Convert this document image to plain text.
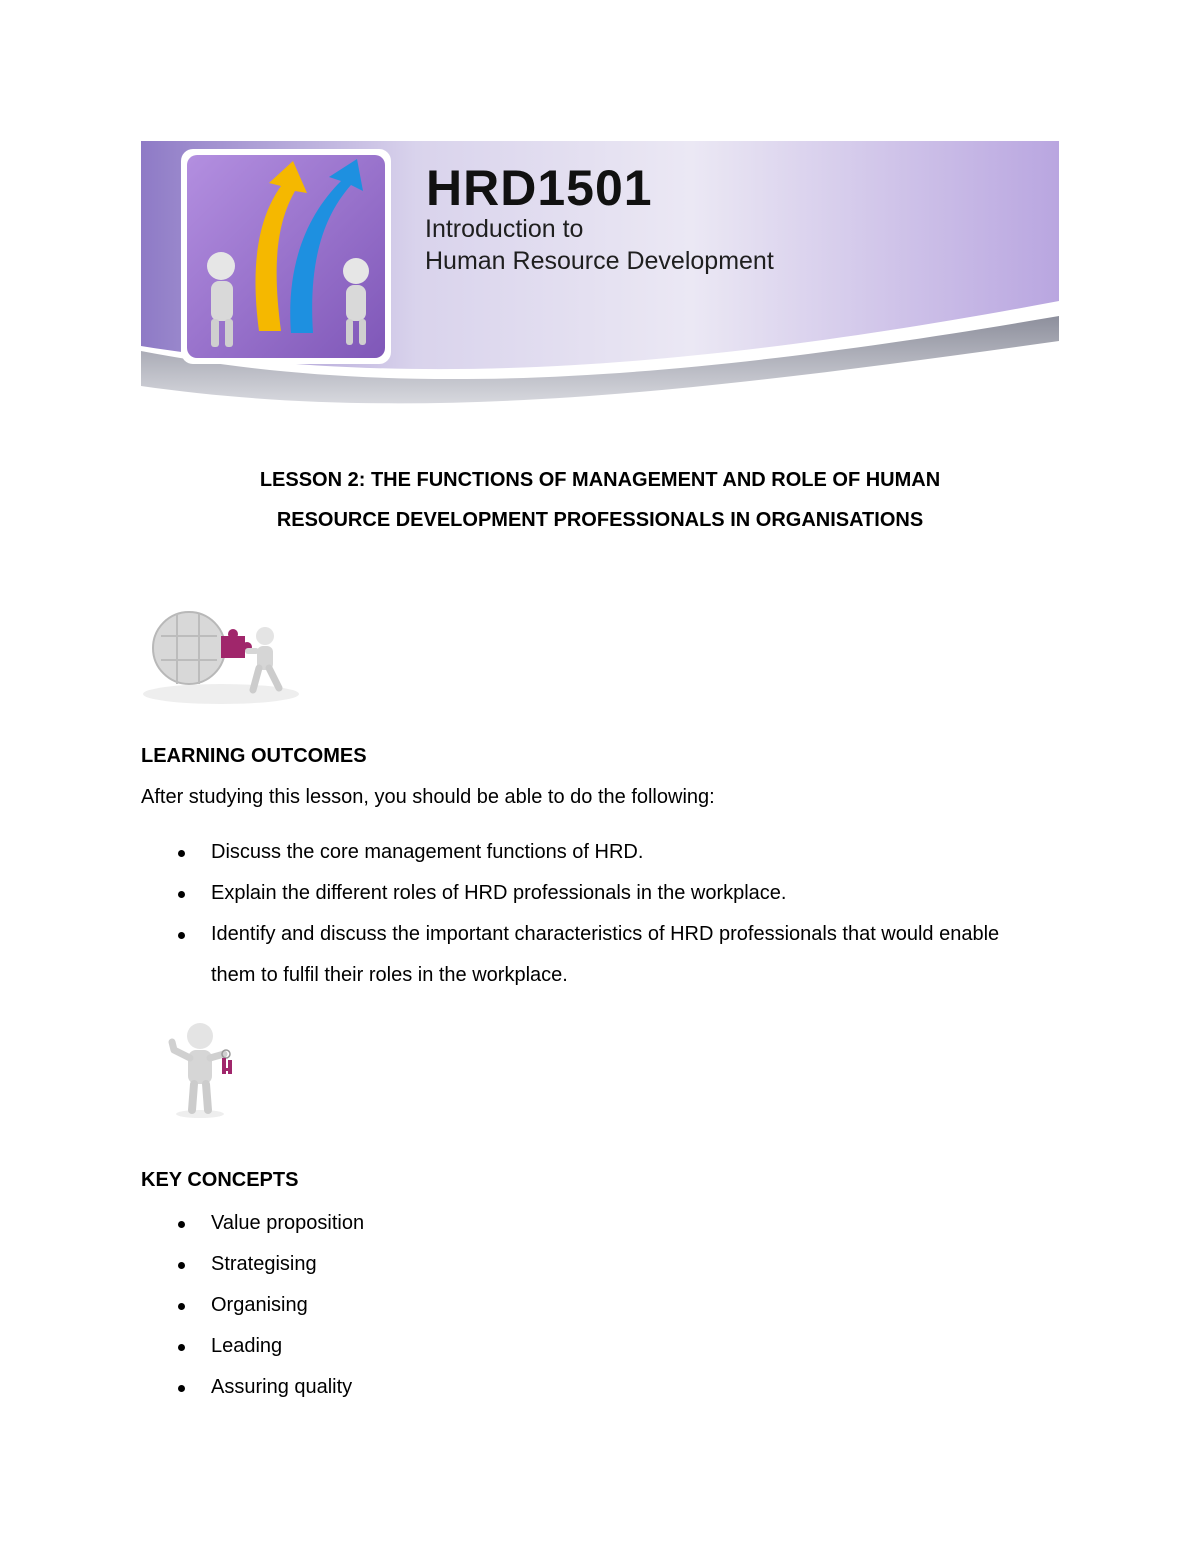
HRD1501
Introduction to
Human Resource Development
LESSON 2: THE FUNCTIONS OF MANAGEMENT AND ROLE OF HUMAN
RESOURCE DEVELOPMENT PROFESSIONALS IN ORGANISATIONS
LEARNING OUTCOMES
After studying this lesson, you should be able to do the following:
Discuss the core management functions of HRD.
Explain the different roles of HRD professionals in the workplace.
Identify and discuss the important characteristics of HRD professionals that would enable them to fulfil their roles in the workplace.
KEY CONCEPTS
Value proposition
Strategising
Organising
Leading
Assuring quality
